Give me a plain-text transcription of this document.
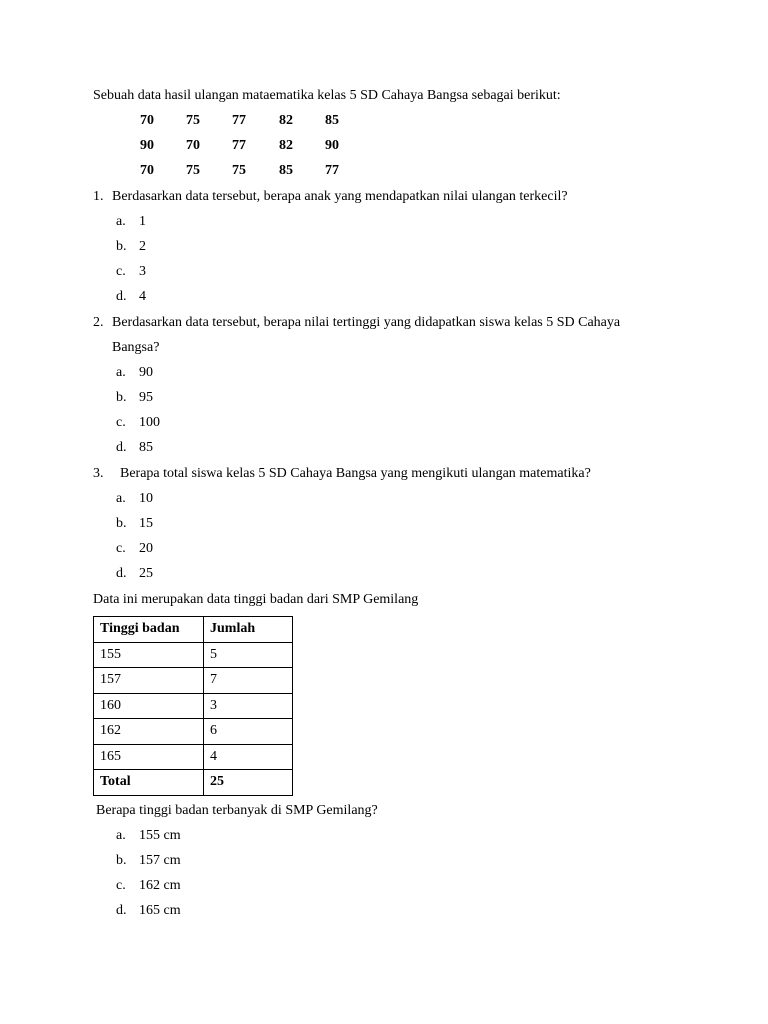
Sebuah data hasil ulangan mataematika kelas 5 SD Cahaya Bangsa sebagai berikut:
70	75	77	82	85
90	70	77	82	90
70	75	75	85	77
1. Berdasarkan data tersebut, berapa anak yang mendapatkan nilai ulangan terkecil?
a. 1
b. 2
c. 3
d. 4
2. Berdasarkan data tersebut, berapa nilai tertinggi yang didapatkan siswa kelas 5 SD Cahaya
Bangsa?
a. 90
b. 95
c. 100
d. 85
3. Berapa total siswa kelas 5 SD Cahaya Bangsa yang mengikuti ulangan matematika?
a. 10
b. 15
c. 20
d. 25
Data ini merupakan data tinggi badan dari SMP Gemilang
Tinggi badan	Jumlah
155	5
157	7
160	3
162	6
165	4
Total	25
Berapa tinggi badan terbanyak di SMP Gemilang?
a. 155 cm
b. 157 cm
c. 162 cm
d. 165 cm
